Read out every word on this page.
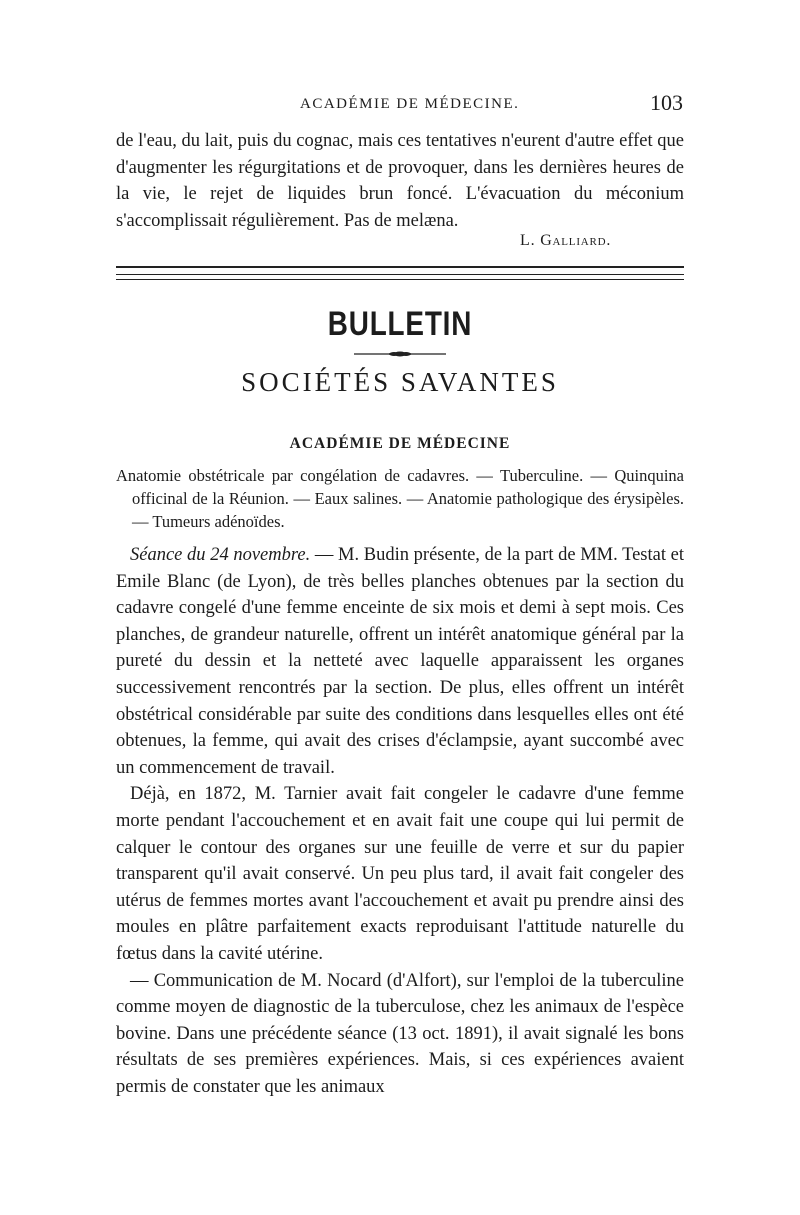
ACADÉMIE DE MÉDECINE.	103

de l'eau, du lait, puis du cognac, mais ces tentatives n'eurent d'autre effet que d'augmenter les régurgitations et de provoquer, dans les dernières heures de la vie, le rejet de liquides brun foncé. L'évacuation du méconium s'accomplissait régulièrement. Pas de melæna.

L. Galliard.
BULLETIN
SOCIÉTÉS SAVANTES
ACADÉMIE DE MÉDECINE
Anatomie obstétricale par congélation de cadavres. — Tuberculine. — Quinquina officinal de la Réunion. — Eaux salines. — Anatomie pathologique des érysipèles. — Tumeurs adénoïdes.

Séance du 24 novembre. — M. Budin présente, de la part de MM. Testat et Emile Blanc (de Lyon), de très belles planches obtenues par la section du cadavre congelé d'une femme enceinte de six mois et demi à sept mois. Ces planches, de grandeur naturelle, offrent un intérêt anatomique général par la pureté du dessin et la netteté avec laquelle apparaissent les organes successivement rencontrés par la section. De plus, elles offrent un intérêt obstétrical considérable par suite des conditions dans lesquelles elles ont été obtenues, la femme, qui avait des crises d'éclampsie, ayant succombé avec un commencement de travail.

Déjà, en 1872, M. Tarnier avait fait congeler le cadavre d'une femme morte pendant l'accouchement et en avait fait une coupe qui lui permit de calquer le contour des organes sur une feuille de verre et sur du papier transparent qu'il avait conservé. Un peu plus tard, il avait fait congeler des utérus de femmes mortes avant l'accouchement et avait pu prendre ainsi des moules en plâtre parfaitement exacts reproduisant l'attitude naturelle du fœtus dans la cavité utérine.

— Communication de M. Nocard (d'Alfort), sur l'emploi de la tuberculine comme moyen de diagnostic de la tuberculose, chez les animaux de l'espèce bovine. Dans une précédente séance (13 oct. 1891), il avait signalé les bons résultats de ses premières expériences. Mais, si ces expériences avaient permis de constater que les animaux
